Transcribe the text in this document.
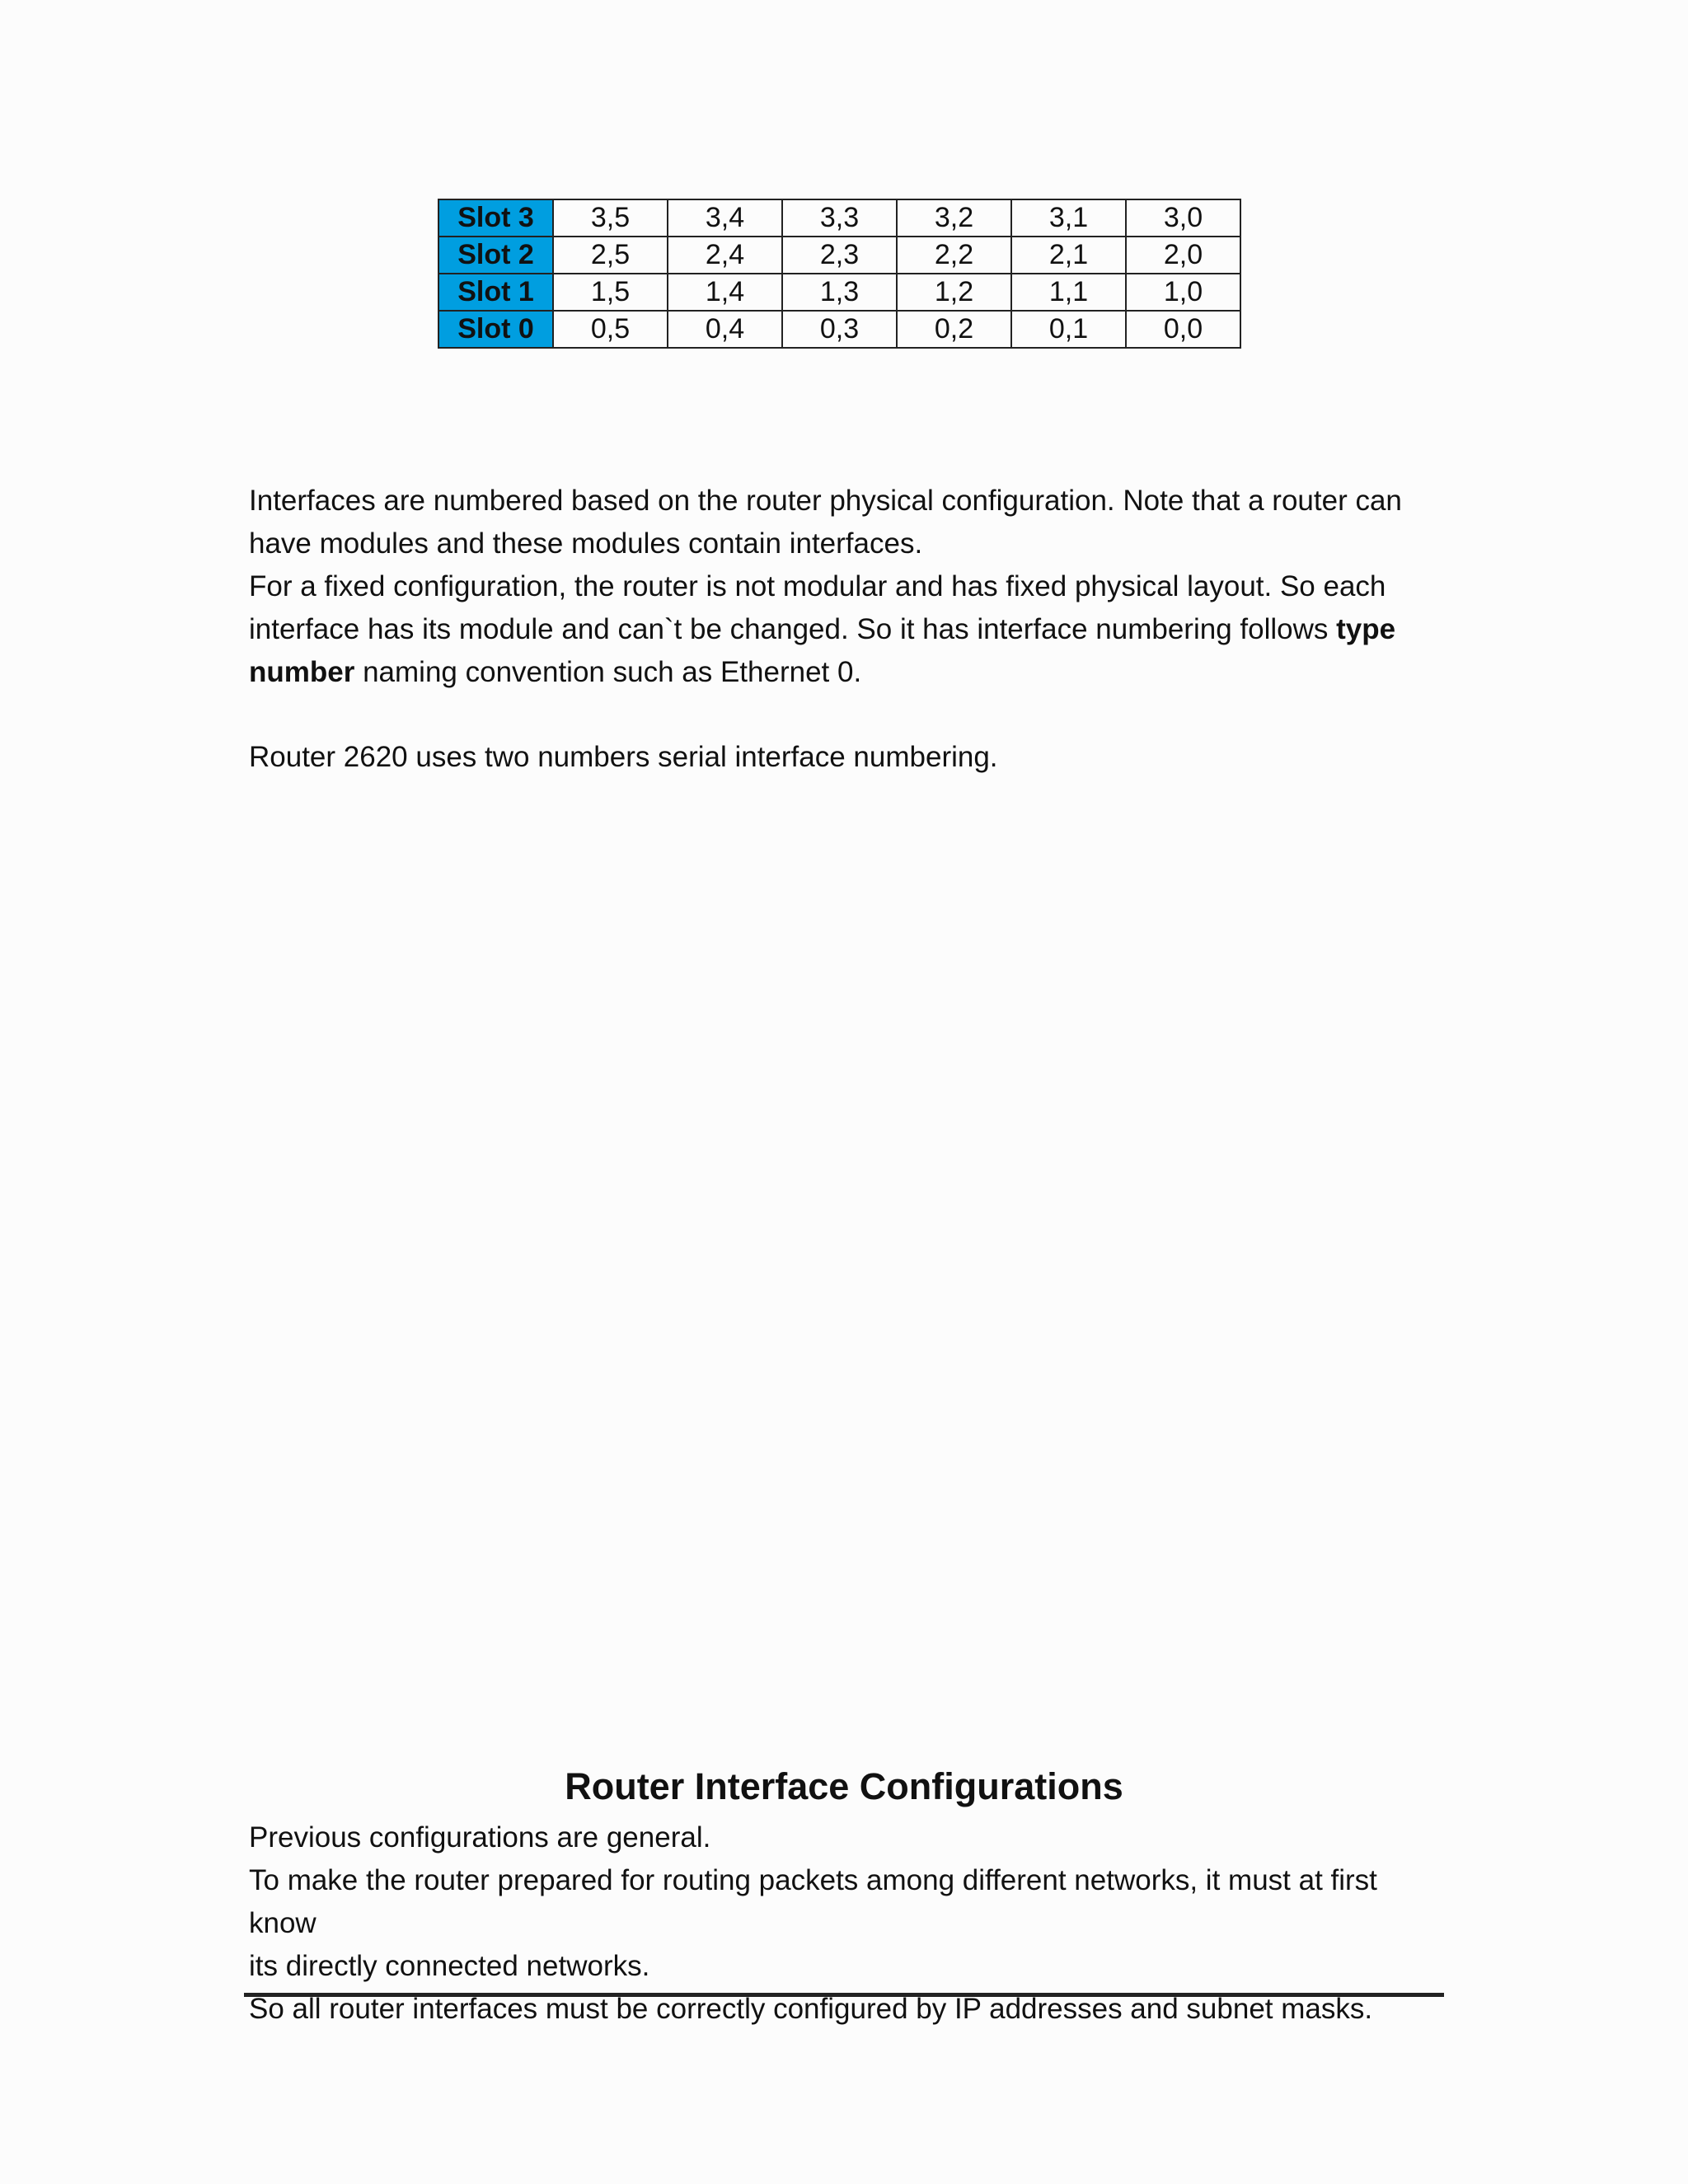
Slot 3	3,5	3,4	3,3	3,2	3,1	3,0
Slot 2	2,5	2,4	2,3	2,2	2,1	2,0
Slot 1	1,5	1,4	1,3	1,2	1,1	1,0
Slot 0	0,5	0,4	0,3	0,2	0,1	0,0

Interfaces are numbered based on the router physical configuration. Note that a router can
have modules and these modules contain interfaces.
For a fixed configuration, the router is not modular and has fixed physical layout. So each
interface has its module and can`t be changed. So it has interface numbering follows type
number naming convention such as Ethernet 0.

Router 2620 uses two numbers serial interface numbering.

Router Interface Configurations

Previous configurations are general.
To make the router prepared for routing packets among different networks, it must at first know
its directly connected networks.
So all router interfaces must be correctly configured by IP addresses and subnet masks.
